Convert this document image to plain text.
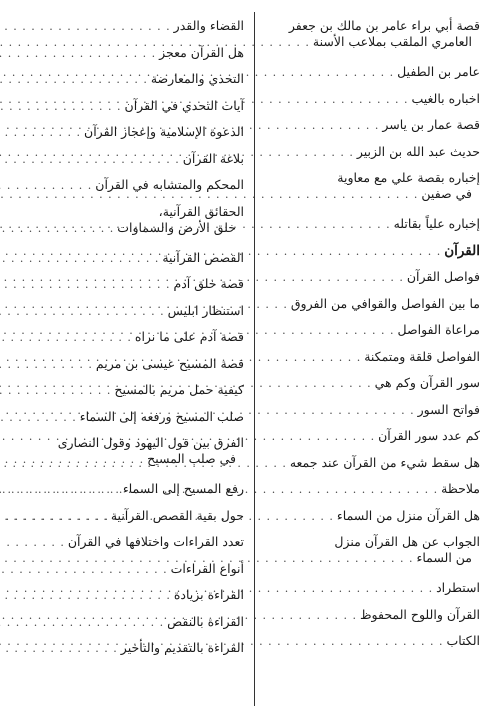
قصة أبي براء عامر بن مالك بن جعفر
العامري الملقب بملاعب الأسنة
. . .
عامر بن الطفيل
. . .
اخباره بالغيب
. . .
قصة عمار بن ياسر
. . .
حديث عبد الله بن الزبير
. . .
إخباره بقصة علي مع معاوية
في صفين
. . .
إخباره علياً بقاتله
. . .
القرآن
. . .
فواصل القرآن
. . .
ما بين الفواصل والقوافي من الفروق
. . .
مراعاة الفواصل
. . .
الفواصل قلقة ومتمكنة
. . .
سور القرآن وكم هي
. . .
فواتح السور
. . .
كم عدد سور القرآن
. . .
هل سقط شيء من القرآن عند جمعه
. . .
ملاحظة
. . .
هل القرآن منزل من السماء
. . .
الجواب عن هل القرآن منزل
من السماء
. . .
استطراد
. . .
القرآن واللوح المحفوظ
. . .
الكتاب
. . .
القضاء والقدر
. . .
هل القرآن معجز
. . .
التحدي والمعارضة
. . .
آيات التحدي في القرآن
. . .
الدعوة الإسلامية وإعجاز القرآن
. . .
بلاغة القرآن
. . .
المحكم والمتشابه في القرآن
. . .
الحقائق القرآنية،
خلق الأرض والسماوات
. . .
القصص القرآنية
. . .
قصة خلق آدم
. . .
استنظار ابليس
. . .
قصة آدم على ما نراه
. . .
قصة المسيح عيسى بن مريم
. . .
كيفية حمل مريم بالمسيح
. . .
صلب المسيح ورفعه إلى السماء
. . .
الفرق بين قول اليهود وقول النصارى
في صلب المسيح
. . .
رفع المسيح إلى السماء
. . .
حول بقية القصص القرآنية
. . .
تعدد القراءات واختلافها في القرآن
. . .
أنواع القراءات
. . .
القراءة بزيادة
. . .
القراءة بالنقص
. . .
القراءة بالتقديم والتأخير
. . .
